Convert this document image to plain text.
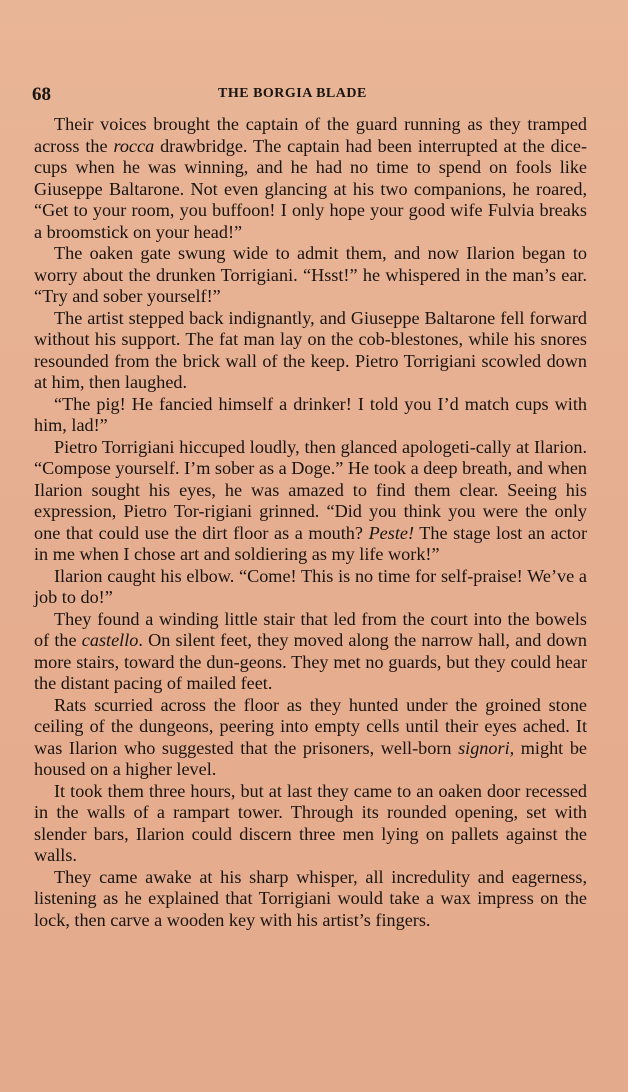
68	THE BORGIA BLADE

Their voices brought the captain of the guard running as they tramped across the rocca drawbridge. The captain had been interrupted at the dice-cups when he was winning, and he had no time to spend on fools like Giuseppe Baltarone. Not even glancing at his two companions, he roared, “Get to your room, you buffoon! I only hope your good wife Fulvia breaks a broomstick on your head!”

The oaken gate swung wide to admit them, and now Ilarion began to worry about the drunken Torrigiani. “Hsst!” he whispered in the man’s ear. “Try and sober yourself!”

The artist stepped back indignantly, and Giuseppe Baltarone fell forward without his support. The fat man lay on the cob-blestones, while his snores resounded from the brick wall of the keep. Pietro Torrigiani scowled down at him, then laughed.

“The pig! He fancied himself a drinker! I told you I’d match cups with him, lad!”

Pietro Torrigiani hiccuped loudly, then glanced apologeti-cally at Ilarion. “Compose yourself. I’m sober as a Doge.” He took a deep breath, and when Ilarion sought his eyes, he was amazed to find them clear. Seeing his expression, Pietro Tor-rigiani grinned. “Did you think you were the only one that could use the dirt floor as a mouth? Peste! The stage lost an actor in me when I chose art and soldiering as my life work!”

Ilarion caught his elbow. “Come! This is no time for self-praise! We’ve a job to do!”

They found a winding little stair that led from the court into the bowels of the castello. On silent feet, they moved along the narrow hall, and down more stairs, toward the dun-geons. They met no guards, but they could hear the distant pacing of mailed feet.

Rats scurried across the floor as they hunted under the groined stone ceiling of the dungeons, peering into empty cells until their eyes ached. It was Ilarion who suggested that the prisoners, well-born signori, might be housed on a higher level.

It took them three hours, but at last they came to an oaken door recessed in the walls of a rampart tower. Through its rounded opening, set with slender bars, Ilarion could discern three men lying on pallets against the walls.

They came awake at his sharp whisper, all incredulity and eagerness, listening as he explained that Torrigiani would take a wax impress on the lock, then carve a wooden key with his artist’s fingers.
